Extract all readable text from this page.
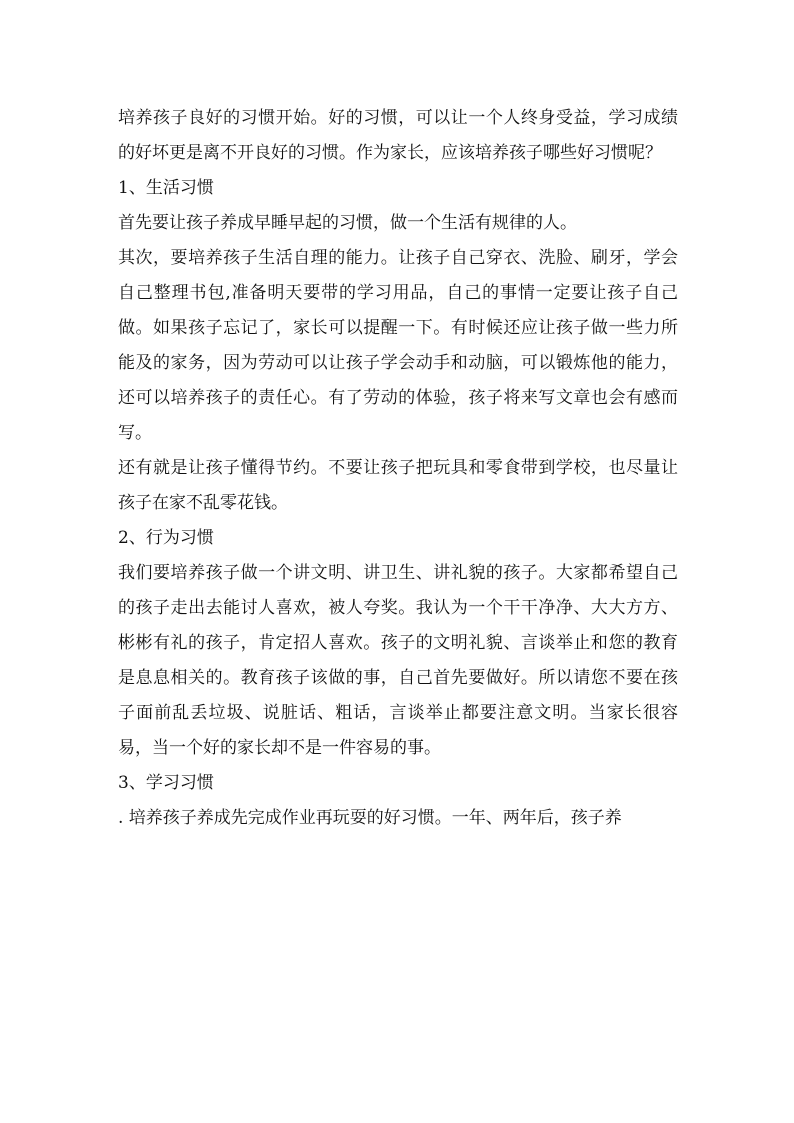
培养孩子良好的习惯开始。好的习惯，可以让一个人终身受益，学习成绩的好坏更是离不开良好的习惯。作为家长，应该培养孩子哪些好习惯呢？

1、生活习惯

首先要让孩子养成早睡早起的习惯，做一个生活有规律的人。

其次，要培养孩子生活自理的能力。让孩子自己穿衣、洗脸、刷牙，学会自己整理书包,准备明天要带的学习用品，自己的事情一定要让孩子自己做。如果孩子忘记了，家长可以提醒一下。有时候还应让孩子做一些力所能及的家务，因为劳动可以让孩子学会动手和动脑，可以锻炼他的能力，还可以培养孩子的责任心。有了劳动的体验，孩子将来写文章也会有感而写。

还有就是让孩子懂得节约。不要让孩子把玩具和零食带到学校，也尽量让孩子在家不乱零花钱。

2、行为习惯

我们要培养孩子做一个讲文明、讲卫生、讲礼貌的孩子。大家都希望自己的孩子走出去能讨人喜欢，被人夸奖。我认为一个干干净净、大大方方、彬彬有礼的孩子，肯定招人喜欢。孩子的文明礼貌、言谈举止和您的教育是息息相关的。教育孩子该做的事，自己首先要做好。所以请您不要在孩子面前乱丢垃圾、说脏话、粗话，言谈举止都要注意文明。当家长很容易，当一个好的家长却不是一件容易的事。

3、学习习惯

. 培养孩子养成先完成作业再玩耍的好习惯。一年、两年后，孩子养
